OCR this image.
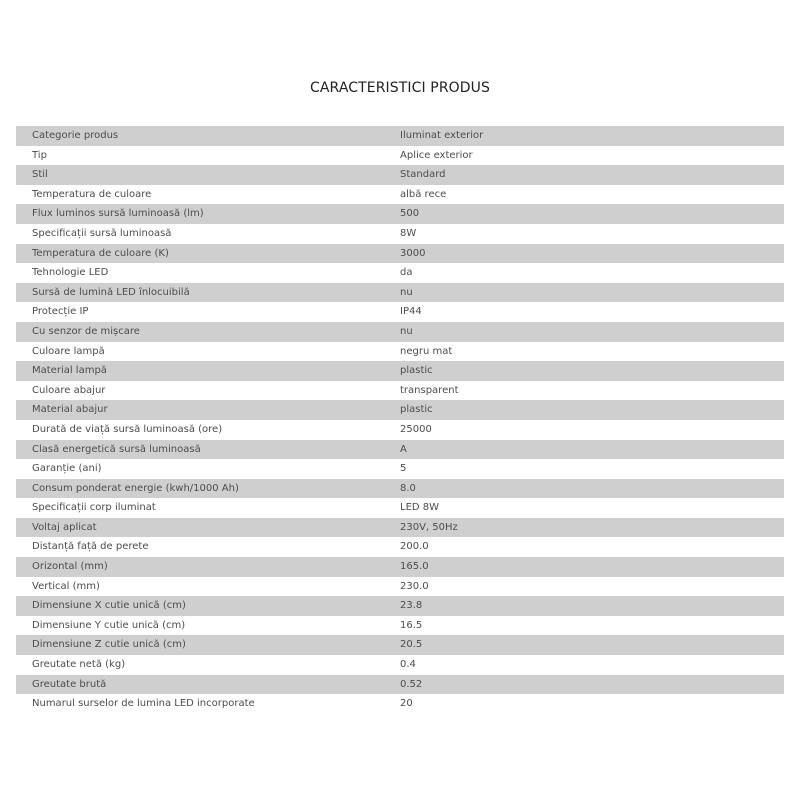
CARACTERISTICI PRODUS
Categorie produs	Iluminat exterior
Tip	Aplice exterior
Stil	Standard
Temperatura de culoare	albă rece
Flux luminos sursă luminoasă (lm)	500
Specificații sursă luminoasă	8W
Temperatura de culoare (K)	3000
Tehnologie LED	da
Sursă de lumină LED înlocuibilă	nu
Protecție IP	IP44
Cu senzor de mișcare	nu
Culoare lampă	negru mat
Material lampă	plastic
Culoare abajur	transparent
Material abajur	plastic
Durată de viață sursă luminoasă (ore)	25000
Clasă energetică sursă luminoasă	A
Garanție (ani)	5
Consum ponderat energie (kwh/1000 Ah)	8.0
Specificații corp iluminat	LED 8W
Voltaj aplicat	230V, 50Hz
Distanță față de perete	200.0
Orizontal (mm)	165.0
Vertical (mm)	230.0
Dimensiune X cutie unică (cm)	23.8
Dimensiune Y cutie unică (cm)	16.5
Dimensiune Z cutie unică (cm)	20.5
Greutate netă (kg)	0.4
Greutate brută	0.52
Numarul surselor de lumina LED incorporate	20
